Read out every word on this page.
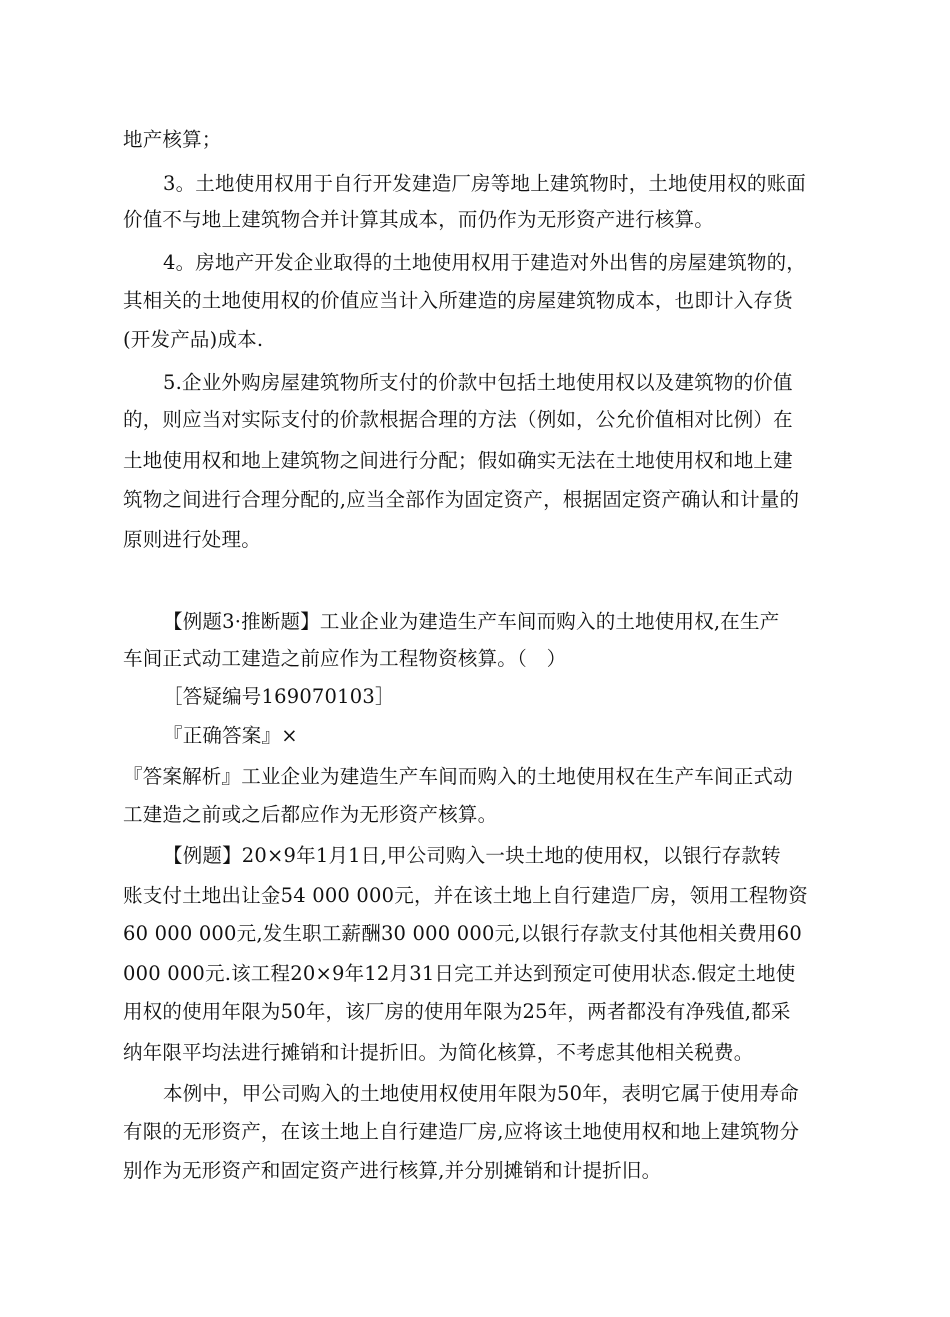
地产核算；
3。土地使用权用于自行开发建造厂房等地上建筑物时，土地使用权的账面
价值不与地上建筑物合并计算其成本，而仍作为无形资产进行核算。
4。房地产开发企业取得的土地使用权用于建造对外出售的房屋建筑物的，
其相关的土地使用权的价值应当计入所建造的房屋建筑物成本，也即计入存货
(开发产品)成本.
5.企业外购房屋建筑物所支付的价款中包括土地使用权以及建筑物的价值
的，则应当对实际支付的价款根据合理的方法（例如，公允价值相对比例）在
土地使用权和地上建筑物之间进行分配；假如确实无法在土地使用权和地上建
筑物之间进行合理分配的,应当全部作为固定资产，根据固定资产确认和计量的
原则进行处理。
【例题3·推断题】工业企业为建造生产车间而购入的土地使用权,在生产
车间正式动工建造之前应作为工程物资核算。（　）
［答疑编号169070103］
『正确答案』×
『答案解析』工业企业为建造生产车间而购入的土地使用权在生产车间正式动
工建造之前或之后都应作为无形资产核算。
【例题】20×9年1月1日,甲公司购入一块土地的使用权，以银行存款转
账支付土地出让金54 000 000元，并在该土地上自行建造厂房，领用工程物资
60 000 000元,发生职工薪酬30 000 000元,以银行存款支付其他相关费用60
000 000元.该工程20×9年12月31日完工并达到预定可使用状态.假定土地使
用权的使用年限为50年，该厂房的使用年限为25年，两者都没有净残值,都采
纳年限平均法进行摊销和计提折旧。为简化核算，不考虑其他相关税费。
本例中，甲公司购入的土地使用权使用年限为50年，表明它属于使用寿命
有限的无形资产，在该土地上自行建造厂房,应将该土地使用权和地上建筑物分
别作为无形资产和固定资产进行核算,并分别摊销和计提折旧。
